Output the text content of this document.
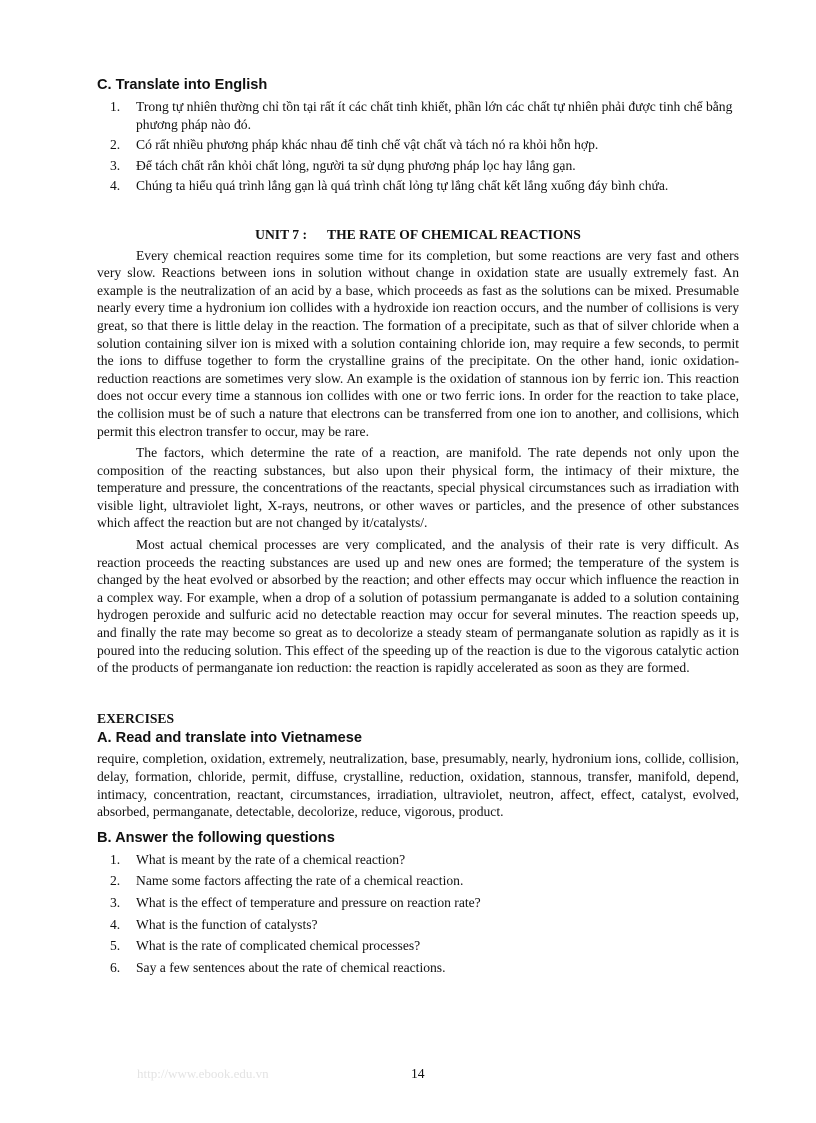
C. Translate into English
1. Trong tự nhiên thường chỉ tồn tại rất ít các chất tinh khiết, phần lớn các chất tự nhiên phải được tinh chế bằng phương pháp nào đó.
2. Có rất nhiều phương pháp khác nhau để tinh chế vật chất và tách nó ra khỏi hỗn hợp.
3. Để tách chất rắn khỏi chất lỏng, người ta sử dụng phương pháp lọc hay lắng gạn.
4. Chúng ta hiểu quá trình lắng gạn là quá trình chất lỏng tự lắng chất kết lắng xuống đáy bình chứa.
UNIT 7 : THE RATE OF CHEMICAL REACTIONS

Every chemical reaction requires some time for its completion, but some reactions are very fast and others very slow. Reactions between ions in solution without change in oxidation state are usually extremely fast. An example is the neutralization of an acid by a base, which proceeds as fast as the solutions can be mixed. Presumable nearly every time a hydronium ion collides with a hydroxide ion reaction occurs, and the number of collisions is very great, so that there is little delay in the reaction. The formation of a precipitate, such as that of silver chloride when a solution containing silver ion is mixed with a solution containing chloride ion, may require a few seconds, to permit the ions to diffuse together to form the crystalline grains of the precipitate. On the other hand, ionic oxidation-reduction reactions are sometimes very slow. An example is the oxidation of stannous ion by ferric ion. This reaction does not occur every time a stannous ion collides with one or two ferric ions. In order for the reaction to take place, the collision must be of such a nature that electrons can be transferred from one ion to another, and collisions, which permit this electron transfer to occur, may be rare.

The factors, which determine the rate of a reaction, are manifold. The rate depends not only upon the composition of the reacting substances, but also upon their physical form, the intimacy of their mixture, the temperature and pressure, the concentrations of the reactants, special physical circumstances such as irradiation with visible light, ultraviolet light, X-rays, neutrons, or other waves or particles, and the presence of other substances which affect the reaction but are not changed by it/catalysts/.

Most actual chemical processes are very complicated, and the analysis of their rate is very difficult. As reaction proceeds the reacting substances are used up and new ones are formed; the temperature of the system is changed by the heat evolved or absorbed by the reaction; and other effects may occur which influence the reaction in a complex way. For example, when a drop of a solution of potassium permanganate is added to a solution containing hydrogen peroxide and sulfuric acid no detectable reaction may occur for several minutes. The reaction speeds up, and finally the rate may become so great as to decolorize a steady steam of permanganate solution as rapidly as it is poured into the reducing solution. This effect of the speeding up of the reaction is due to the vigorous catalytic action of the products of permanganate ion reduction: the reaction is rapidly accelerated as soon as they are formed.

EXERCISES
A. Read and translate into Vietnamese

require, completion, oxidation, extremely, neutralization, base, presumably, nearly, hydronium ions, collide, collision, delay, formation, chloride, permit, diffuse, crystalline, reduction, oxidation, stannous, transfer, manifold, depend, intimacy, concentration, reactant, circumstances, irradiation, ultraviolet, neutron, affect, effect, catalyst, evolved, absorbed, permanganate, detectable, decolorize, reduce, vigorous, product.

B. Answer the following questions
1. What is meant by the rate of a chemical reaction?
2. Name some factors affecting the rate of a chemical reaction.
3. What is the effect of temperature and pressure on reaction rate?
4. What is the function of catalysts?
5. What is the rate of complicated chemical processes?
6. Say a few sentences about the rate of chemical reactions.
http://www.ebook.edu.vn	14
